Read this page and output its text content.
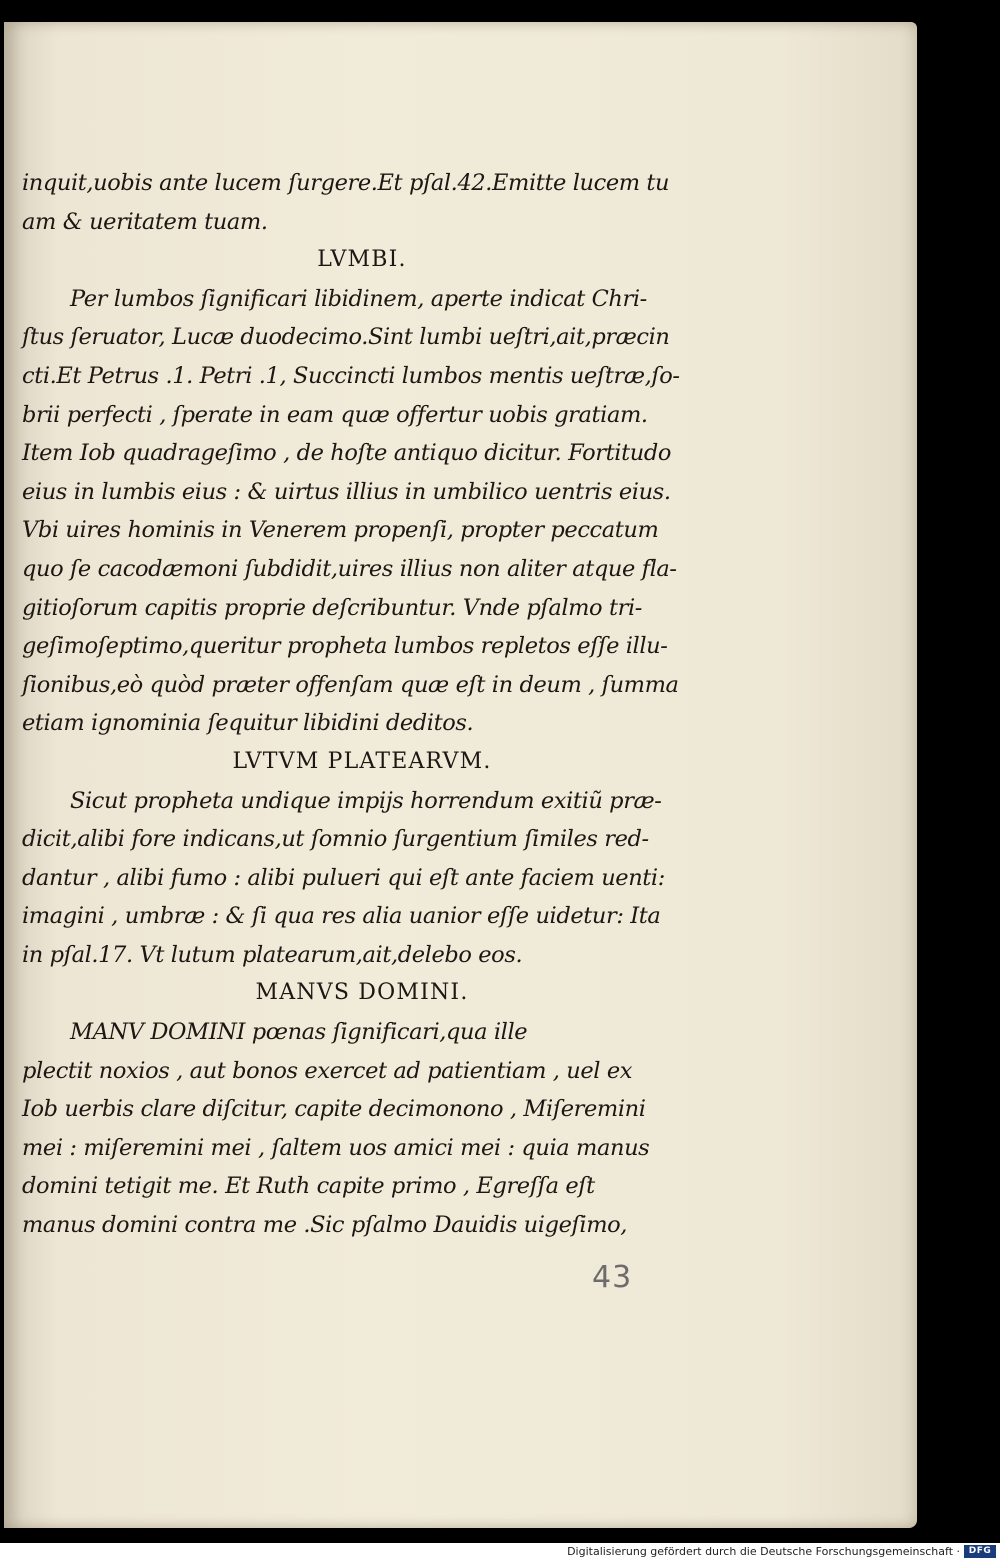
inquit,uobis ante lucem ſurgere.Et pſal.42.Emitte lucem tu
am & ueritatem tuam.
LVMBI.
Per lumbos ſignificari libidinem, aperte indicat Chri-
ſtus ſeruator, Lucæ duodecimo.Sint lumbi ueſtri,ait,præcin
cti.Et Petrus .1. Petri .1, Succincti lumbos mentis ueſtræ,ſo-
brii perfecti , ſperate in eam quæ offertur uobis gratiam.
Item Iob quadrageſimo , de hoſte antiquo dicitur. Fortitudo
eius in lumbis eius : & uirtus illius in umbilico uentris eius.
Vbi uires hominis in Venerem propenſi, propter peccatum
quo ſe cacodæmoni ſubdidit,uires illius non aliter atque fla-
gitioſorum capitis proprie deſcribuntur. Vnde pſalmo tri-
geſimoſeptimo,queritur propheta lumbos repletos eſſe illu-
ſionibus,eò quòd præter offenſam quæ eſt in deum , ſumma
etiam ignominia ſequitur libidini deditos.
LVTVM PLATEARVM.
Sicut propheta undique impijs horrendum exitiũ præ-
dicit,alibi fore indicans,ut ſomnio ſurgentium ſimiles red-
dantur , alibi fumo : alibi pulueri qui eſt ante faciem uenti:
imagini , umbræ : & ſi qua res alia uanior eſſe uidetur: Ita
in pſal.17. Vt lutum platearum,ait,delebo eos.
MANVS DOMINI.
MANV DOMINI pœnas ſignificari,qua ille
plectit noxios , aut bonos exercet ad patientiam , uel ex
Iob uerbis clare diſcitur, capite decimonono , Miſeremini
mei : miſeremini mei , ſaltem uos amici mei : quia manus
domini tetigit me. Et Ruth capite primo , Egreſſa eſt
manus domini contra me .Sic pſalmo Dauidis uigeſimo,
43
Digitalisierung gefördert durch die Deutsche Forschungsgemeinschaft · DFG
